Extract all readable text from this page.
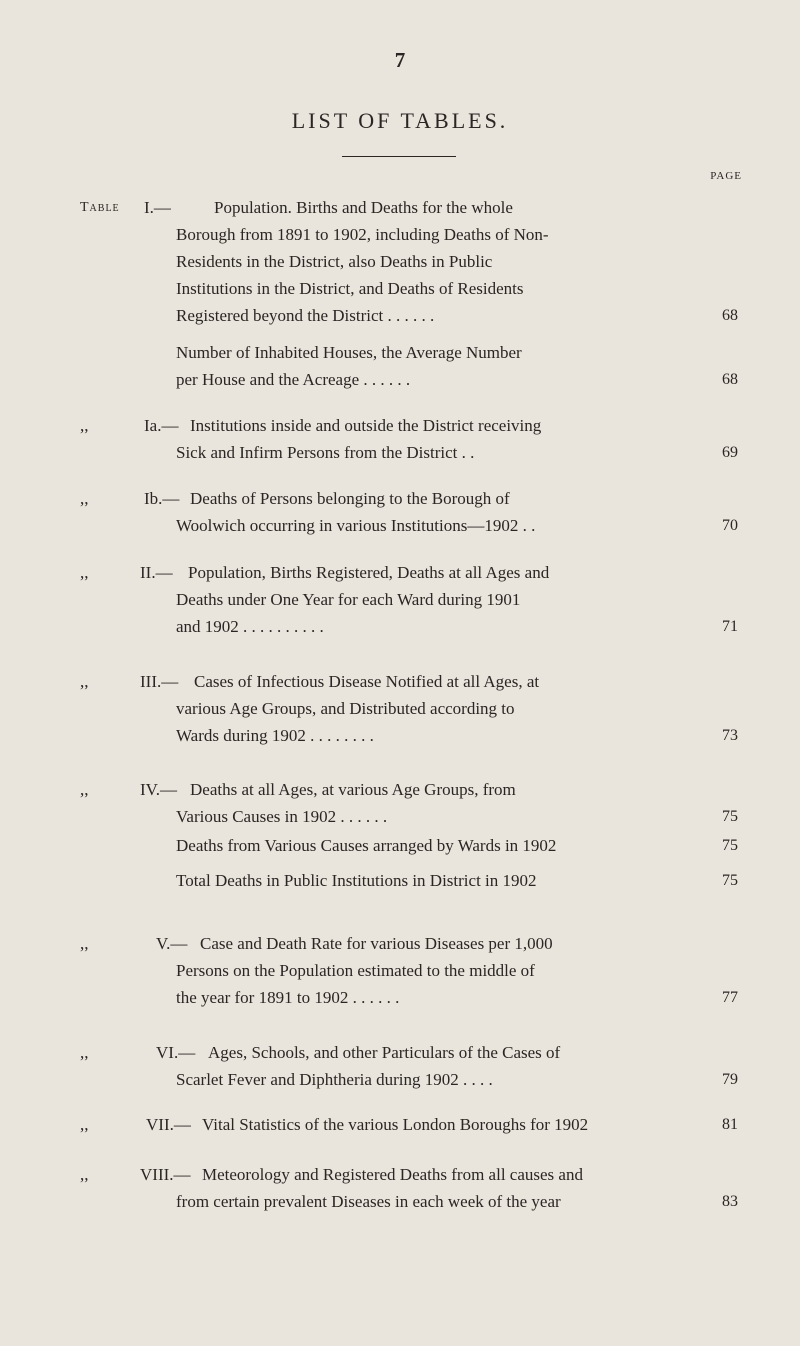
7
LIST OF TABLES.
PAGE
Table	I.—	Population. Births and Deaths for the whole
Borough from 1891 to 1902, including Deaths of Non-
Residents in the District, also Deaths in Public
Institutions in the District, and Deaths of Residents
Registered beyond the District . . . . . .	68
Number of Inhabited Houses, the Average Number
per House and the Acreage . . . . . .	68
,,	Ia.— Institutions inside and outside the District receiving
Sick and Infirm Persons from the District . .	69
,,	Ib.— Deaths of Persons belonging to the Borough of
Woolwich occurring in various Institutions—1902 . .	70
,,	II.— Population, Births Registered, Deaths at all Ages and
Deaths under One Year for each Ward during 1901
and 1902 . . . . . . . . . .	71
,,	III.— Cases of Infectious Disease Notified at all Ages, at
various Age Groups, and Distributed according to
Wards during 1902 . . . . . . . .	73
,,	IV.— Deaths at all Ages, at various Age Groups, from
Various Causes in 1902 . . . . . .	75
Deaths from Various Causes arranged by Wards in 1902	75
Total Deaths in Public Institutions in District in 1902	75
,,	V.— Case and Death Rate for various Diseases per 1,000
Persons on the Population estimated to the middle of
the year for 1891 to 1902 . . . . . .	77
,,	VI.— Ages, Schools, and other Particulars of the Cases of
Scarlet Fever and Diphtheria during 1902 . . . .	79
,,	VII.— Vital Statistics of the various London Boroughs for 1902	81
,,	VIII.— Meteorology and Registered Deaths from all causes and
from certain prevalent Diseases in each week of the year	83
